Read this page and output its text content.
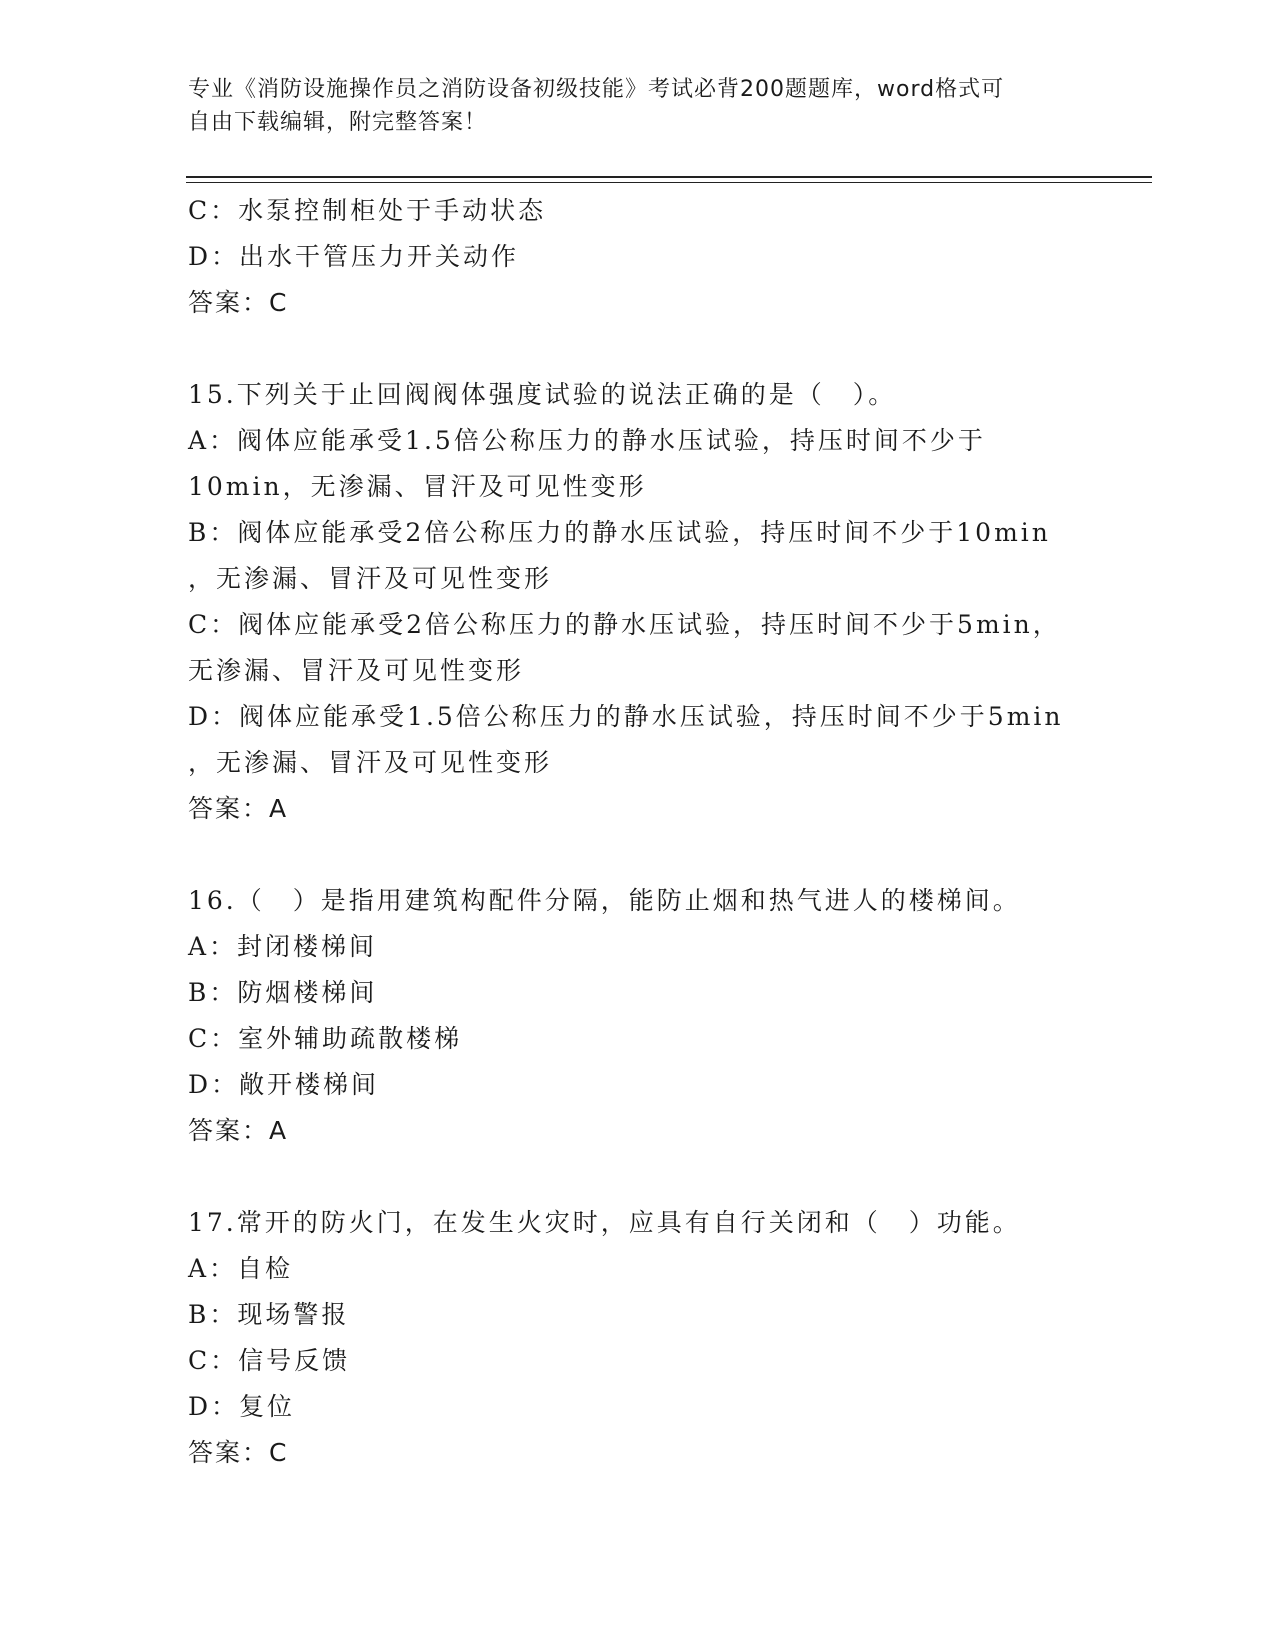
专业《消防设施操作员之消防设备初级技能》考试必背200题题库，word格式可
自由下载编辑，附完整答案！
C：水泵控制柜处于手动状态
D：出水干管压力开关动作
答案：C
15.下列关于止回阀阀体强度试验的说法正确的是（　）。
A：阀体应能承受1.5倍公称压力的静水压试验，持压时间不少于
10min，无渗漏、冒汗及可见性变形
B：阀体应能承受2倍公称压力的静水压试验，持压时间不少于10min
，无渗漏、冒汗及可见性变形
C：阀体应能承受2倍公称压力的静水压试验，持压时间不少于5min，
无渗漏、冒汗及可见性变形
D：阀体应能承受1.5倍公称压力的静水压试验，持压时间不少于5min
，无渗漏、冒汗及可见性变形
答案：A
16.（　）是指用建筑构配件分隔，能防止烟和热气进人的楼梯间。
A：封闭楼梯间
B：防烟楼梯间
C：室外辅助疏散楼梯
D：敞开楼梯间
答案：A
17.常开的防火门，在发生火灾时，应具有自行关闭和（　）功能。
A：自检
B：现场警报
C：信号反馈
D：复位
答案：C
